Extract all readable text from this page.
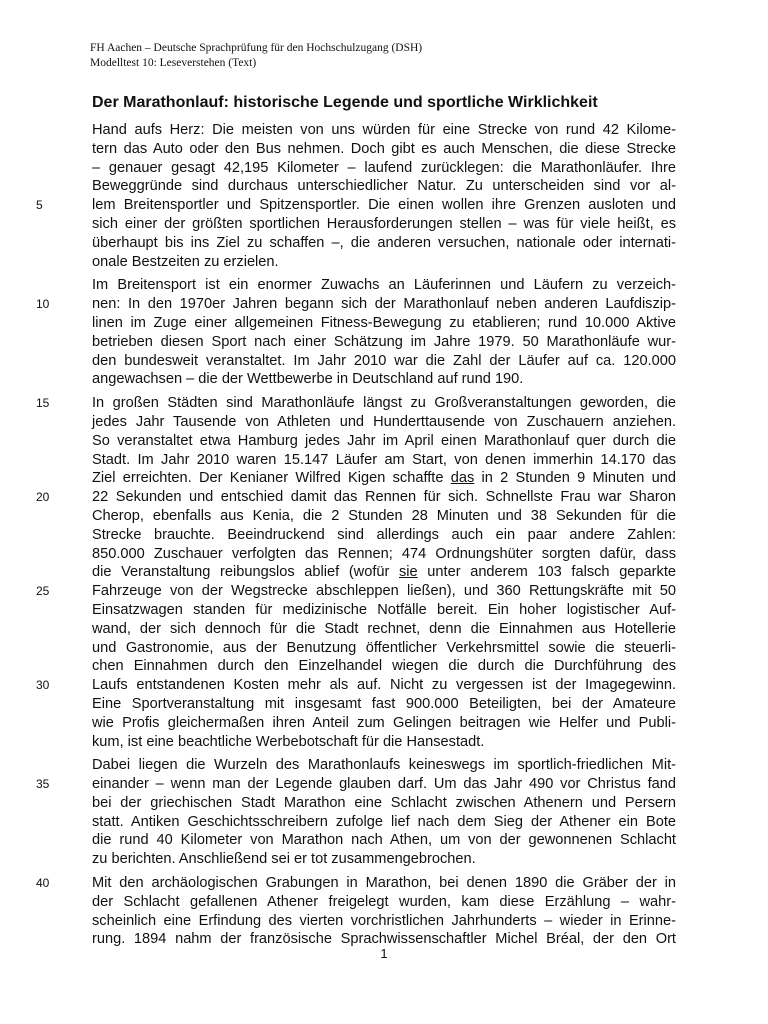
FH Aachen – Deutsche Sprachprüfung für den Hochschulzugang (DSH)
Modelltest 10: Leseverstehen (Text)
Der Marathonlauf: historische Legende und sportliche Wirklichkeit
Hand aufs Herz: Die meisten von uns würden für eine Strecke von rund 42 Kilome-
tern das Auto oder den Bus nehmen. Doch gibt es auch Menschen, die diese Strecke
– genauer gesagt 42,195 Kilometer – laufend zurücklegen: die Marathonläufer. Ihre
Beweggründe sind durchaus unterschiedlicher Natur. Zu unterscheiden sind vor al-
5	lem Breitensportler und Spitzensportler. Die einen wollen ihre Grenzen ausloten und
sich einer der größten sportlichen Herausforderungen stellen – was für viele heißt, es
überhaupt bis ins Ziel zu schaffen –, die anderen versuchen, nationale oder internati-
onale Bestzeiten zu erzielen.
Im Breitensport ist ein enormer Zuwachs an Läuferinnen und Läufern zu verzeich-
10	nen: In den 1970er Jahren begann sich der Marathonlauf neben anderen Laufdiszip-
linen im Zuge einer allgemeinen Fitness-Bewegung zu etablieren; rund 10.000 Aktive
betrieben diesen Sport nach einer Schätzung im Jahre 1979. 50 Marathonläufe wur-
den bundesweit veranstaltet. Im Jahr 2010 war die Zahl der Läufer auf ca. 120.000
angewachsen – die der Wettbewerbe in Deutschland auf rund 190.
15	In großen Städten sind Marathonläufe längst zu Großveranstaltungen geworden, die
jedes Jahr Tausende von Athleten und Hunderttausende von Zuschauern anziehen.
So veranstaltet etwa Hamburg jedes Jahr im April einen Marathonlauf quer durch die
Stadt. Im Jahr 2010 waren 15.147 Läufer am Start, von denen immerhin 14.170 das
Ziel erreichten. Der Kenianer Wilfred Kigen schaffte das in 2 Stunden 9 Minuten und
20	22 Sekunden und entschied damit das Rennen für sich. Schnellste Frau war Sharon
Cherop, ebenfalls aus Kenia, die 2 Stunden 28 Minuten und 38 Sekunden für die
Strecke brauchte. Beeindruckend sind allerdings auch ein paar andere Zahlen:
850.000 Zuschauer verfolgten das Rennen; 474 Ordnungshüter sorgten dafür, dass
die Veranstaltung reibungslos ablief (wofür sie unter anderem 103 falsch geparkte
25	Fahrzeuge von der Wegstrecke abschleppen ließen), und 360 Rettungskräfte mit 50
Einsatzwagen standen für medizinische Notfälle bereit. Ein hoher logistischer Auf-
wand, der sich dennoch für die Stadt rechnet, denn die Einnahmen aus Hotellerie
und Gastronomie, aus der Benutzung öffentlicher Verkehrsmittel sowie die steuerli-
chen Einnahmen durch den Einzelhandel wiegen die durch die Durchführung des
30	Laufs entstandenen Kosten mehr als auf. Nicht zu vergessen ist der Imagegewinn.
Eine Sportveranstaltung mit insgesamt fast 900.000 Beteiligten, bei der Amateure
wie Profis gleichermaßen ihren Anteil zum Gelingen beitragen wie Helfer und Publi-
kum, ist eine beachtliche Werbebotschaft für die Hansestadt.
Dabei liegen die Wurzeln des Marathonlaufs keineswegs im sportlich-friedlichen Mit-
35	einander – wenn man der Legende glauben darf. Um das Jahr 490 vor Christus fand
bei der griechischen Stadt Marathon eine Schlacht zwischen Athenern und Persern
statt. Antiken Geschichtsschreibern zufolge lief nach dem Sieg der Athener ein Bote
die rund 40 Kilometer von Marathon nach Athen, um von der gewonnenen Schlacht
zu berichten. Anschließend sei er tot zusammengebrochen.
40	Mit den archäologischen Grabungen in Marathon, bei denen 1890 die Gräber der in
der Schlacht gefallenen Athener freigelegt wurden, kam diese Erzählung – wahr-
scheinlich eine Erfindung des vierten vorchristlichen Jahrhunderts – wieder in Erinne-
rung. 1894 nahm der französische Sprachwissenschaftler Michel Bréal, der den Ort
1
